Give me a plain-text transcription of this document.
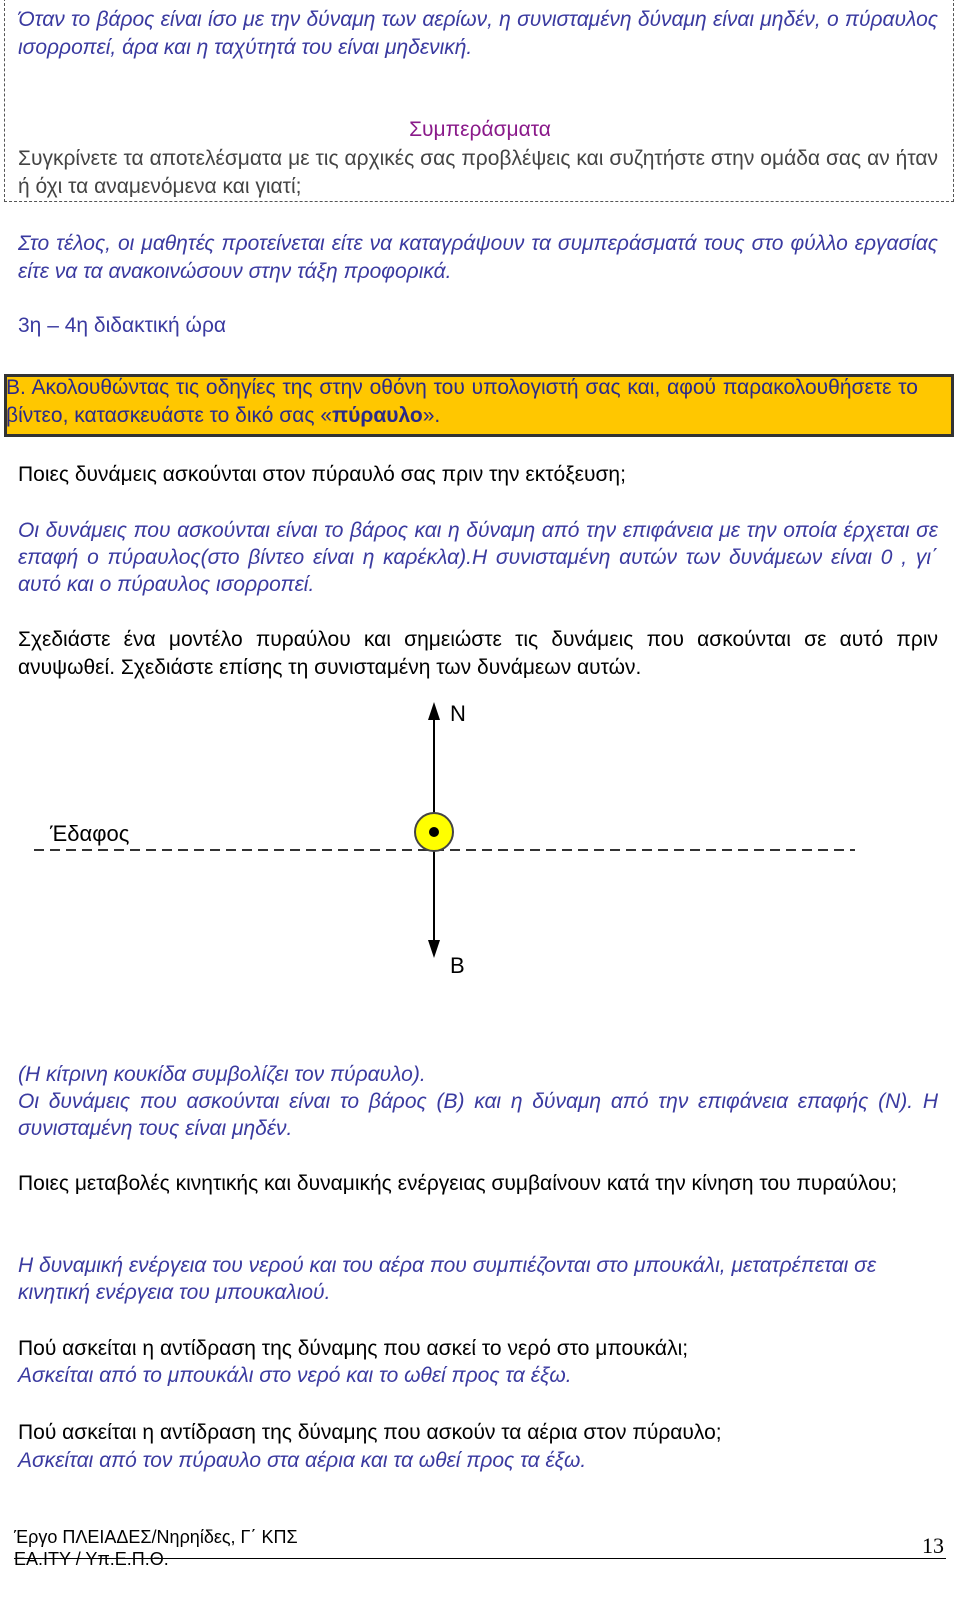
Όταν το βάρος είναι ίσο με την δύναμη των αερίων, η συνισταμένη δύναμη είναι μηδέν, ο πύραυλος ισορροπεί, άρα και η ταχύτητά του είναι μηδενική.
Συμπεράσματα
Συγκρίνετε τα αποτελέσματα με τις αρχικές σας προβλέψεις και συζητήστε στην ομάδα σας αν ήταν ή όχι τα αναμενόμενα και γιατί;
Στο τέλος, οι μαθητές προτείνεται είτε να καταγράψουν τα συμπεράσματά τους στο φύλλο εργασίας είτε να τα ανακοινώσουν στην τάξη προφορικά.
3η – 4η διδακτική ώρα
Β. Ακολουθώντας τις οδηγίες της στην οθόνη του υπολογιστή σας και, αφού παρακολουθήσετε το βίντεο, κατασκευάστε το δικό σας «πύραυλο».
Ποιες δυνάμεις ασκούνται στον πύραυλό σας πριν την εκτόξευση;
Οι δυνάμεις που ασκούνται είναι το βάρος και η δύναμη από την επιφάνεια με την οποία έρχεται σε επαφή ο πύραυλος(στο βίντεο είναι η καρέκλα).Η συνισταμένη αυτών των δυνάμεων είναι 0 , γι΄ αυτό και ο πύραυλος ισορροπεί.
Σχεδιάστε ένα μοντέλο πυραύλου και σημειώστε τις δυνάμεις που ασκούνται σε αυτό πριν ανυψωθεί. Σχεδιάστε επίσης τη συνισταμένη των δυνάμεων αυτών.
N
Έδαφος
B
(Η κίτρινη κουκίδα συμβολίζει τον πύραυλο).
Οι δυνάμεις που ασκούνται είναι το βάρος (Β) και η δύναμη από την επιφάνεια επαφής (Ν). Η συνισταμένη τους είναι μηδέν.
Ποιες μεταβολές κινητικής και δυναμικής ενέργειας συμβαίνουν κατά την κίνηση του πυραύλου;
Η δυναμική ενέργεια του νερού και του αέρα που συμπιέζονται στο μπουκάλι, μετατρέπεται σε κινητική ενέργεια του μπουκαλιού.
Πού ασκείται η αντίδραση της δύναμης που ασκεί το νερό στο μπουκάλι;
Ασκείται από το μπουκάλι στο νερό και το ωθεί προς τα έξω.
Πού ασκείται η αντίδραση της δύναμης που ασκούν τα αέρια στον πύραυλο;
Ασκείται από τον πύραυλο στα αέρια και τα ωθεί προς τα έξω.
13
Έργο ΠΛΕΙΑΔΕΣ/Νηρηίδες, Γ΄ ΚΠΣ
ΕΑ.ΙΤΥ / Υπ.Ε.Π.Θ.
